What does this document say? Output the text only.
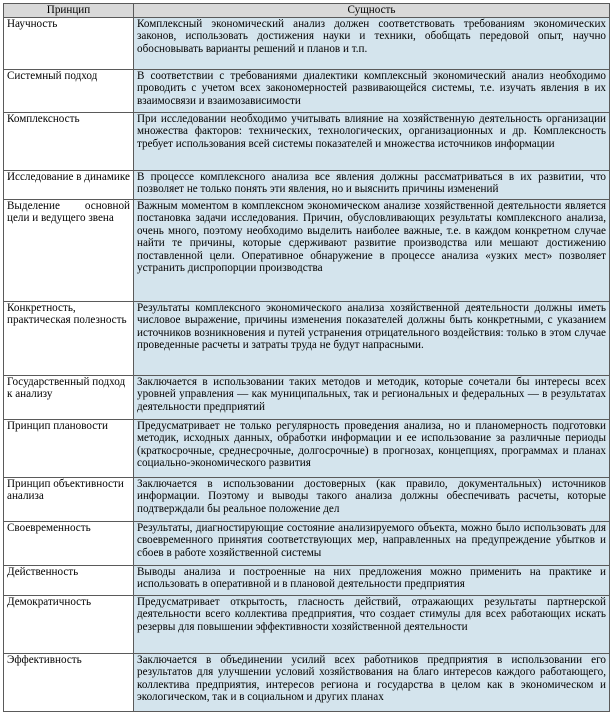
Принцип	Сущность
Научность	Комплексный экономический анализ должен соответствовать требованиям экономических законов, использовать достижения науки и техники, обобщать передовой опыт, научно обосновывать варианты решений и планов и т.п.
Системный подход	В соответствии с требованиями диалектики комплексный экономический анализ необходимо проводить с учетом всех закономерностей развивающейся системы, т.е. изучать явления в их взаимосвязи и взаимозависимости
Комплексность	При исследовании необходимо учитывать влияние на хозяйственную деятельность организации множества факторов: технических, технологических, организационных и др. Комплексность требует использования всей системы показателей и множества источников информации
Исследование в динамике	В процессе комплексного анализа все явления должны рассматриваться в их развитии, что позволяет не только понять эти явления, но и выяснить причины изменений
Выделение основной цели и ведущего звена	Важным моментом в комплексном экономическом анализе хозяйственной деятельности является постановка задачи исследования. Причин, обусловливающих результаты комплексного анализа, очень много, поэтому необходимо выделить наиболее важные, т.е. в каждом конкретном случае найти те причины, которые сдерживают развитие производства или мешают достижению поставленной цели. Оперативное обнаружение в процессе анализа «узких мест» позволяет устранить диспропорции производства
Конкретность, практическая полезность	Результаты комплексного экономического анализа хозяйственной деятельности должны иметь числовое выражение, причины изменения показателей должны быть конкретными, с указанием источников возникновения и путей устранения отрицательного воздействия: только в этом случае проведенные расчеты и затраты труда не будут напрасными.
Государственный подход к анализу	Заключается в использовании таких методов и методик, которые сочетали бы интересы всех уровней управления — как муниципальных, так и региональных и федеральных — в результатах деятельности предприятий
Принцип плановости	Предусматривает не только регулярность проведения анализа, но и планомерность подготовки методик, исходных данных, обработки информации и ее использование за различные периоды (краткосрочные, среднесрочные, долгосрочные) в прогнозах, концепциях, программах и планах социально-экономического развития
Принцип объективности анализа	Заключается в использовании достоверных (как правило, документальных) источников информации. Поэтому и выводы такого анализа должны обеспечивать расчеты, которые подтверждали бы реальное положение дел
Своевременность	Результаты, диагностирующие состояние анализируемого объекта, можно было использовать для своевременного принятия соответствующих мер, направленных на предупреждение убытков и сбоев в работе хозяйственной системы
Действенность	Выводы анализа и построенные на них предложения можно применить на практике и использовать в оперативной и в плановой деятельности предприятия
Демократичность	Предусматривает открытость, гласность действий, отражающих результаты партнерской деятельности всего коллектива предприятия, что создает стимулы для всех работающих искать резервы для повышении эффективности хозяйственной деятельности
Эффективность	Заключается в объединении усилий всех работников предприятия в использовании его результатов для улучшении условий хозяйствования на благо интересов каждого работающего, коллектива предприятия, интересов региона и государства в целом как в экономическом и экологическом, так и в социальном и других планах
